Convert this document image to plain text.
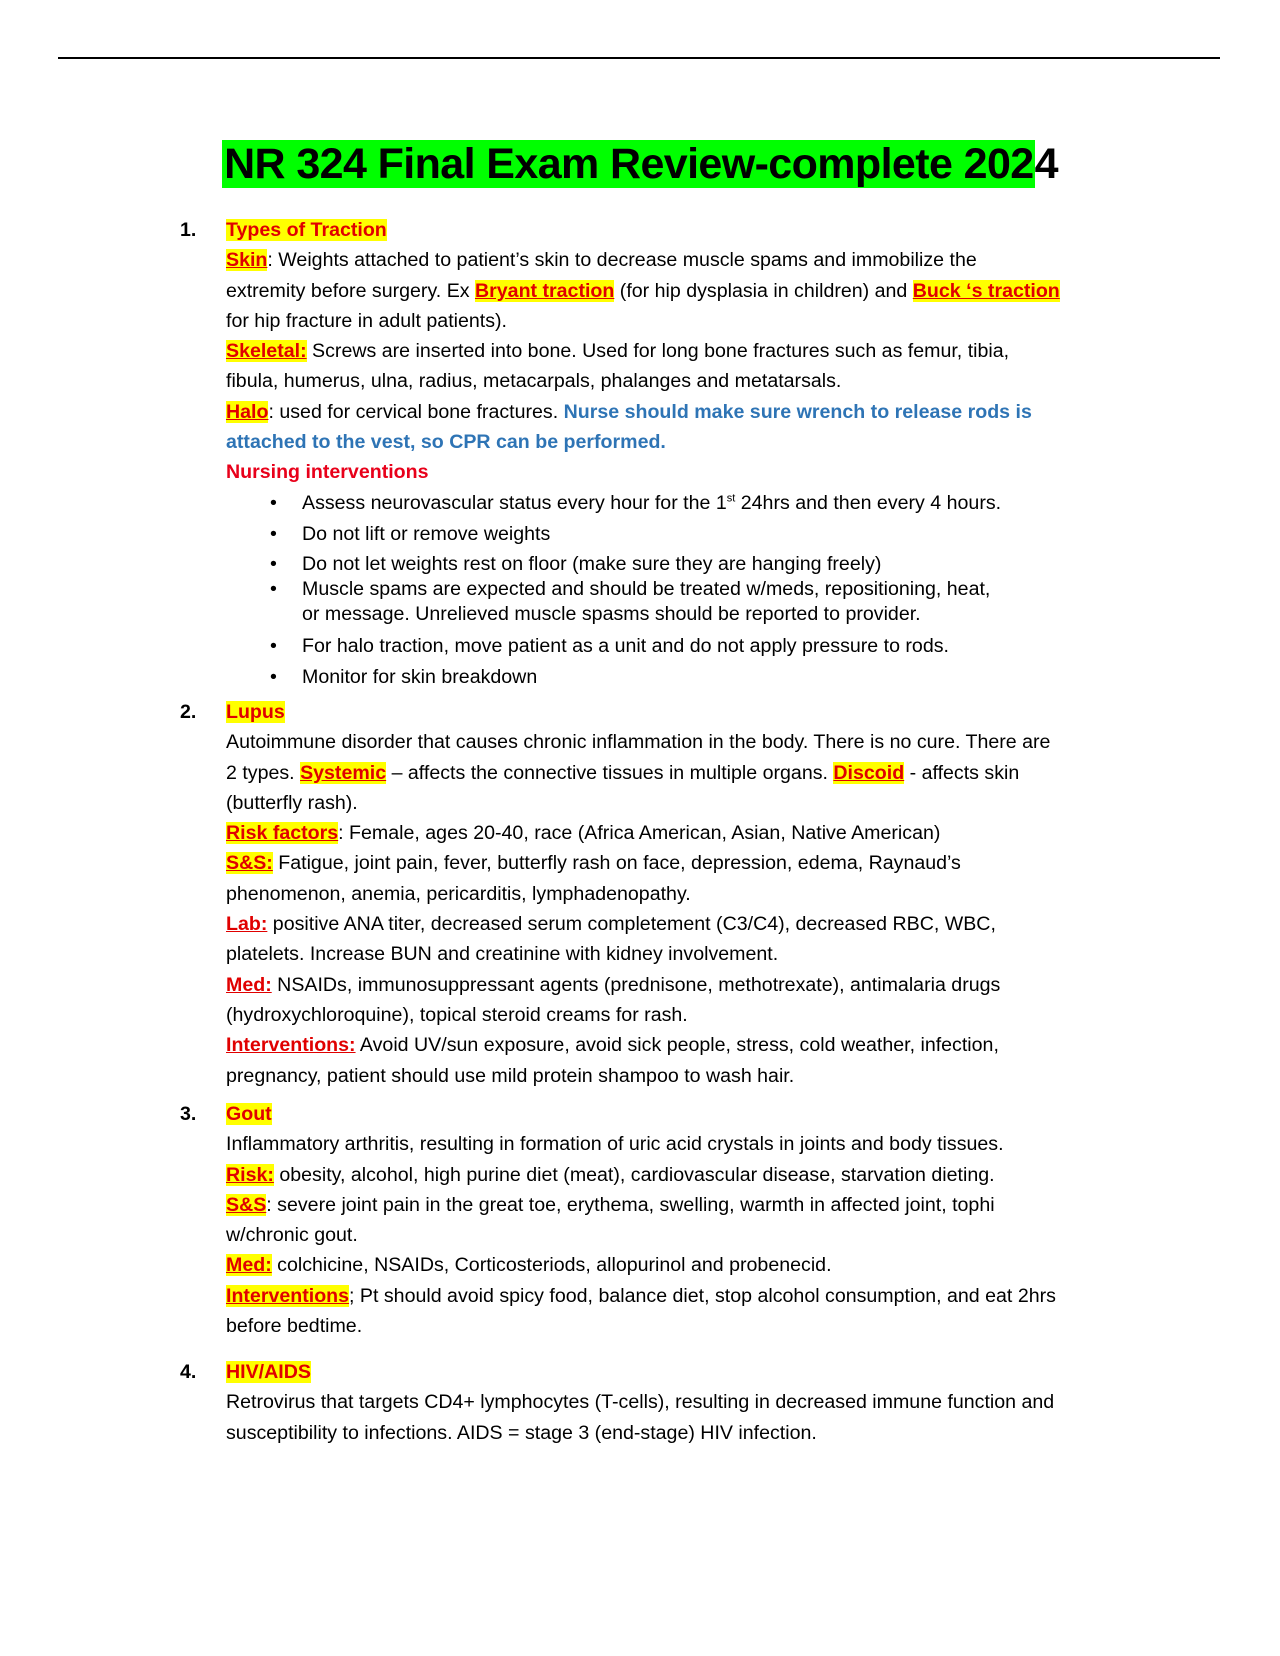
NR 324 Final Exam Review-complete 2024
1.	Types of Traction
Skin: Weights attached to patient’s skin to decrease muscle spams and immobilize the
extremity before surgery. Ex Bryant traction (for hip dysplasia in children) and Buck ‘s traction
for hip fracture in adult patients).
Skeletal: Screws are inserted into bone. Used for long bone fractures such as femur, tibia,
fibula, humerus, ulna, radius, metacarpals, phalanges and metatarsals.
Halo: used for cervical bone fractures. Nurse should make sure wrench to release rods is
attached to the vest, so CPR can be performed.
Nursing interventions
• Assess neurovascular status every hour for the 1st 24hrs and then every 4 hours.
• Do not lift or remove weights
• Do not let weights rest on floor (make sure they are hanging freely)
• Muscle spams are expected and should be treated w/meds, repositioning, heat,
or message. Unrelieved muscle spasms should be reported to provider.
• For halo traction, move patient as a unit and do not apply pressure to rods.
• Monitor for skin breakdown
2.	Lupus
Autoimmune disorder that causes chronic inflammation in the body. There is no cure. There are
2 types. Systemic – affects the connective tissues in multiple organs. Discoid - affects skin
(butterfly rash).
Risk factors: Female, ages 20-40, race (Africa American, Asian, Native American)
S&S: Fatigue, joint pain, fever, butterfly rash on face, depression, edema, Raynaud’s
phenomenon, anemia, pericarditis, lymphadenopathy.
Lab: positive ANA titer, decreased serum completement (C3/C4), decreased RBC, WBC,
platelets. Increase BUN and creatinine with kidney involvement.
Med: NSAIDs, immunosuppressant agents (prednisone, methotrexate), antimalaria drugs
(hydroxychloroquine), topical steroid creams for rash.
Interventions: Avoid UV/sun exposure, avoid sick people, stress, cold weather, infection,
pregnancy, patient should use mild protein shampoo to wash hair.
3.	Gout
Inflammatory arthritis, resulting in formation of uric acid crystals in joints and body tissues.
Risk: obesity, alcohol, high purine diet (meat), cardiovascular disease, starvation dieting.
S&S: severe joint pain in the great toe, erythema, swelling, warmth in affected joint, tophi
w/chronic gout.
Med: colchicine, NSAIDs, Corticosteriods, allopurinol and probenecid.
Interventions; Pt should avoid spicy food, balance diet, stop alcohol consumption, and eat 2hrs
before bedtime.
4.	HIV/AIDS
Retrovirus that targets CD4+ lymphocytes (T-cells), resulting in decreased immune function and
susceptibility to infections. AIDS = stage 3 (end-stage) HIV infection.
